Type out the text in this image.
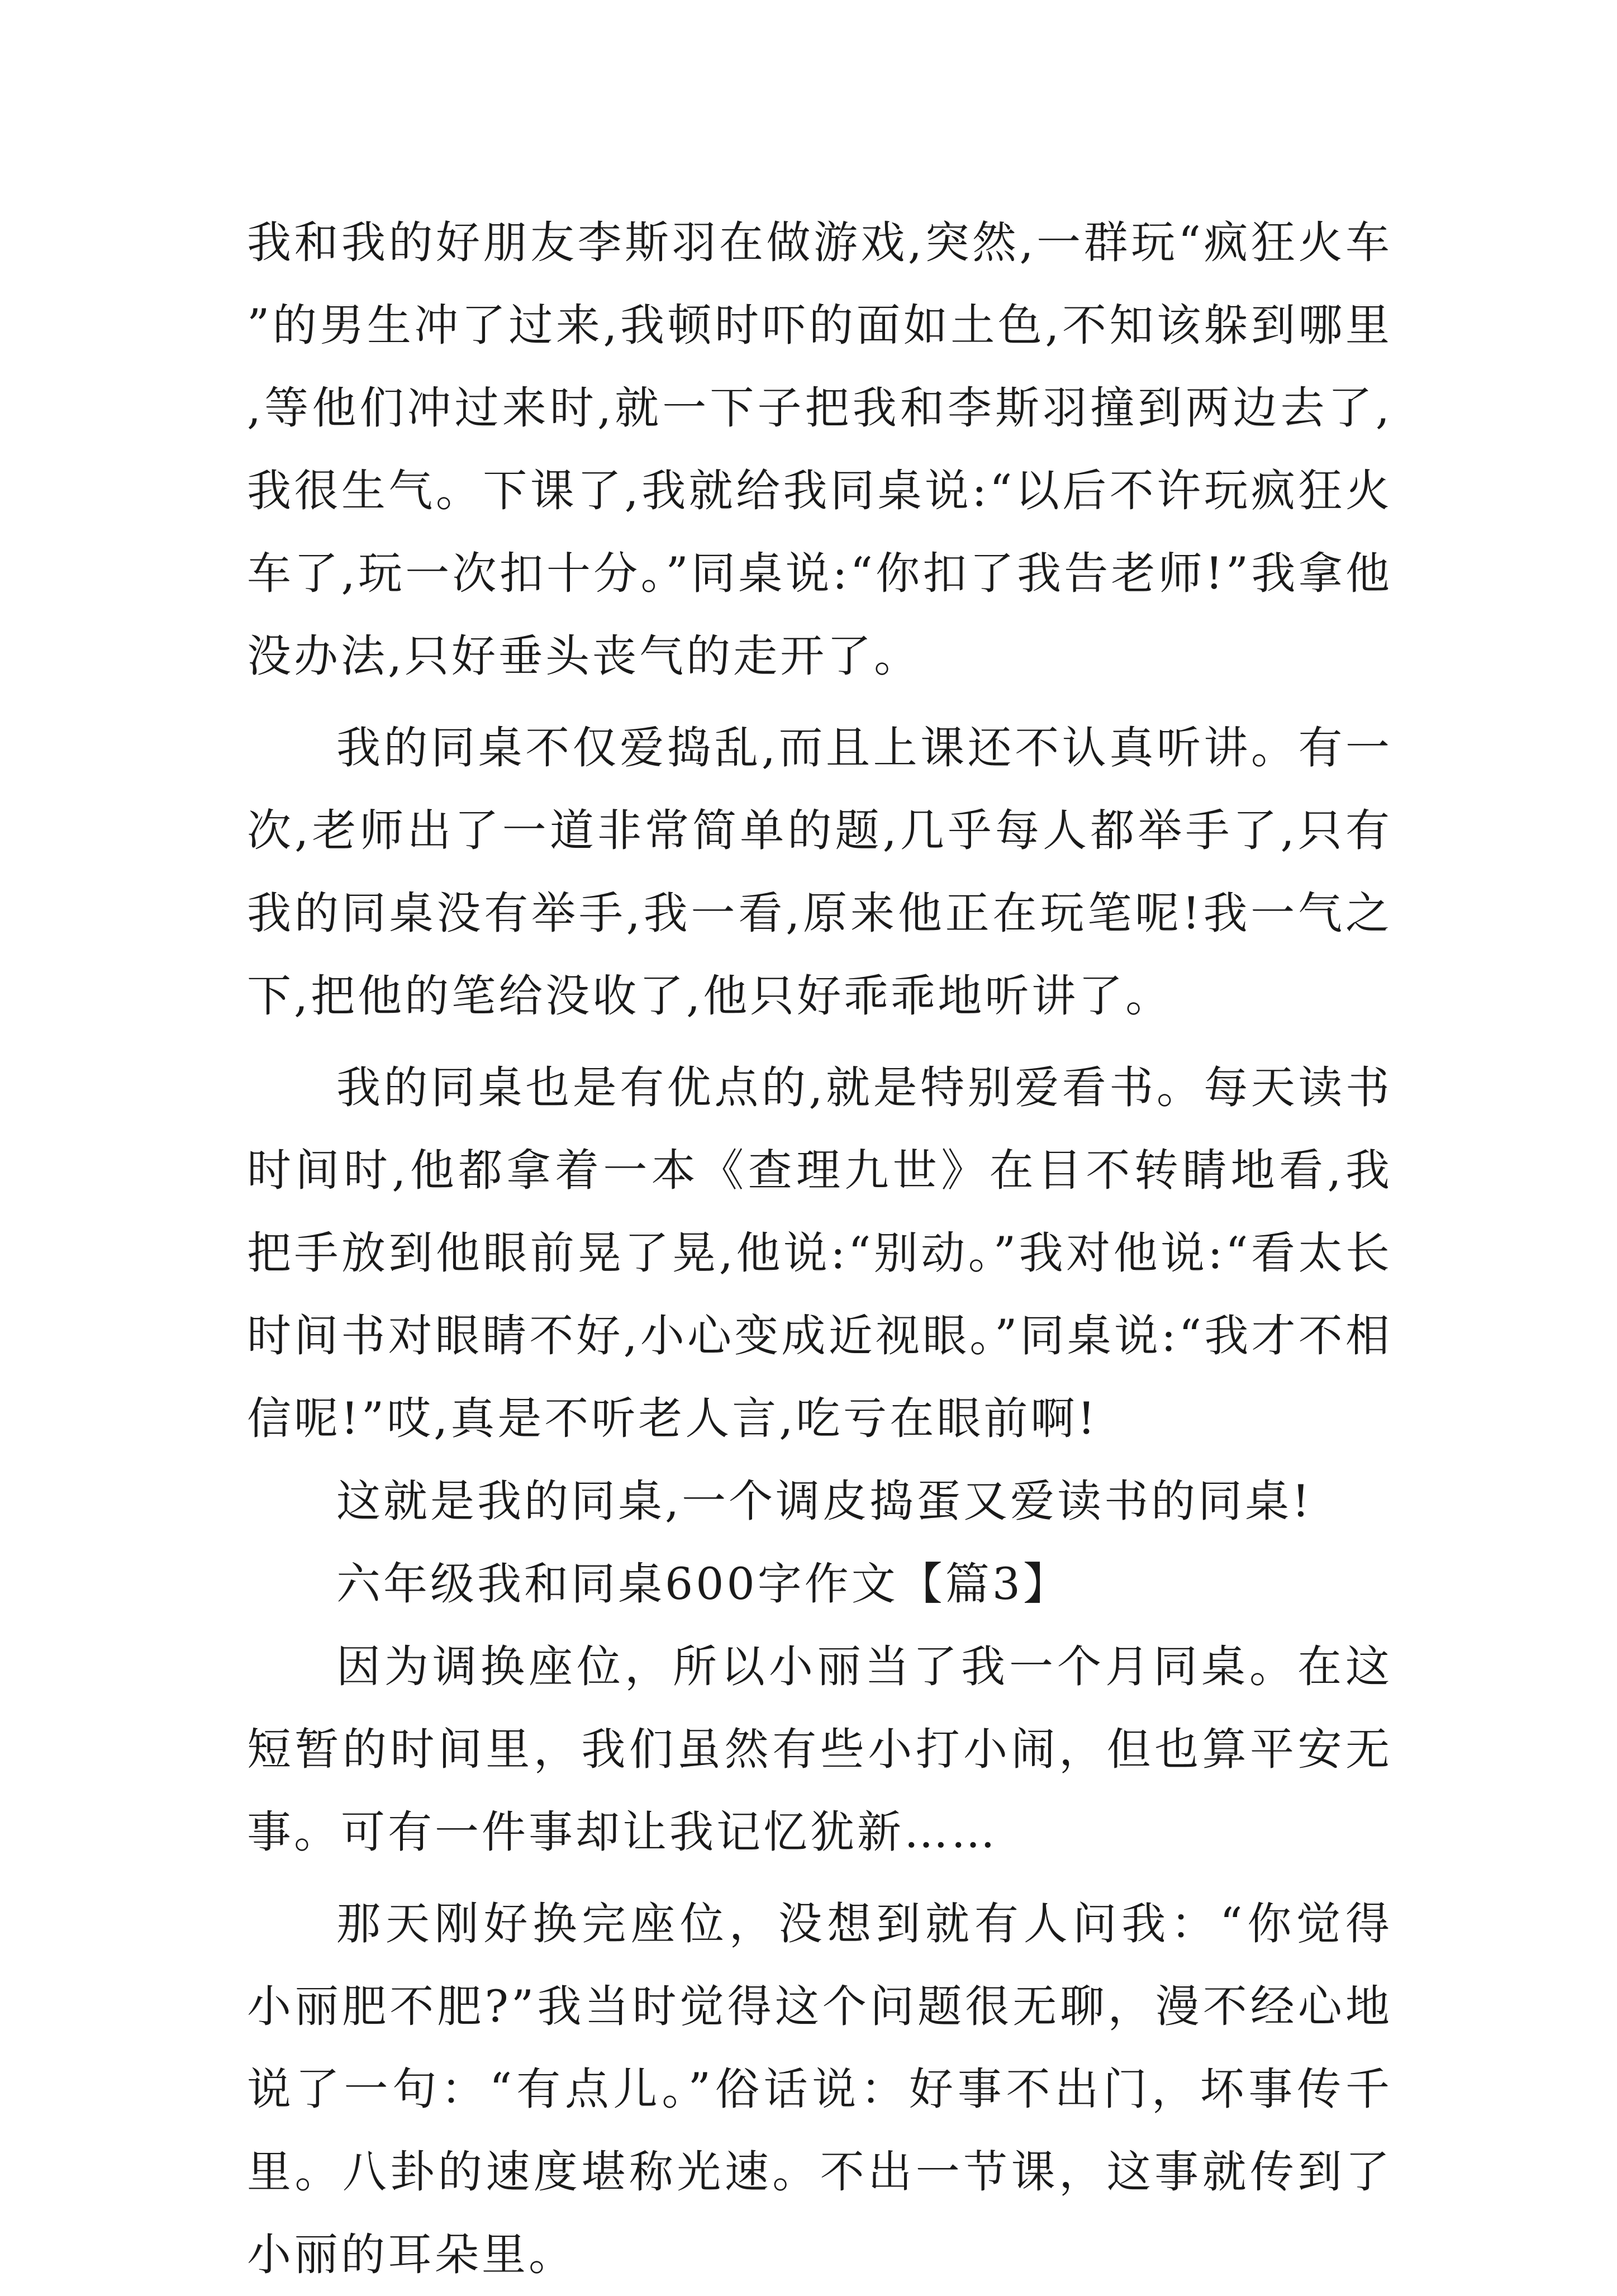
我和我的好朋友李斯羽在做游戏,突然,一群玩“疯狂火车”的男生冲了过来,我顿时吓的面如土色,不知该躲到哪里,等他们冲过来时,就一下子把我和李斯羽撞到两边去了,我很生气。下课了,我就给我同桌说:“以后不许玩疯狂火车了,玩一次扣十分。”同桌说:“你扣了我告老师!”我拿他没办法,只好垂头丧气的走开了。

我的同桌不仅爱捣乱,而且上课还不认真听讲。有一次,老师出了一道非常简单的题,几乎每人都举手了,只有我的同桌没有举手,我一看,原来他正在玩笔呢!我一气之下,把他的笔给没收了,他只好乖乖地听讲了。

我的同桌也是有优点的,就是特别爱看书。每天读书时间时,他都拿着一本《查理九世》在目不转睛地看,我把手放到他眼前晃了晃,他说:“别动。”我对他说:“看太长时间书对眼睛不好,小心变成近视眼。”同桌说:“我才不相信呢!”哎,真是不听老人言,吃亏在眼前啊!

这就是我的同桌,一个调皮捣蛋又爱读书的同桌!

六年级我和同桌600字作文【篇3】

因为调换座位，所以小丽当了我一个月同桌。在这短暂的时间里，我们虽然有些小打小闹，但也算平安无事。可有一件事却让我记忆犹新……

那天刚好换完座位，没想到就有人问我：“你觉得小丽肥不肥?”我当时觉得这个问题很无聊，漫不经心地说了一句：“有点儿。”俗话说：好事不出门，坏事传千里。八卦的速度堪称光速。不出一节课，这事就传到了小丽的耳朵里。
